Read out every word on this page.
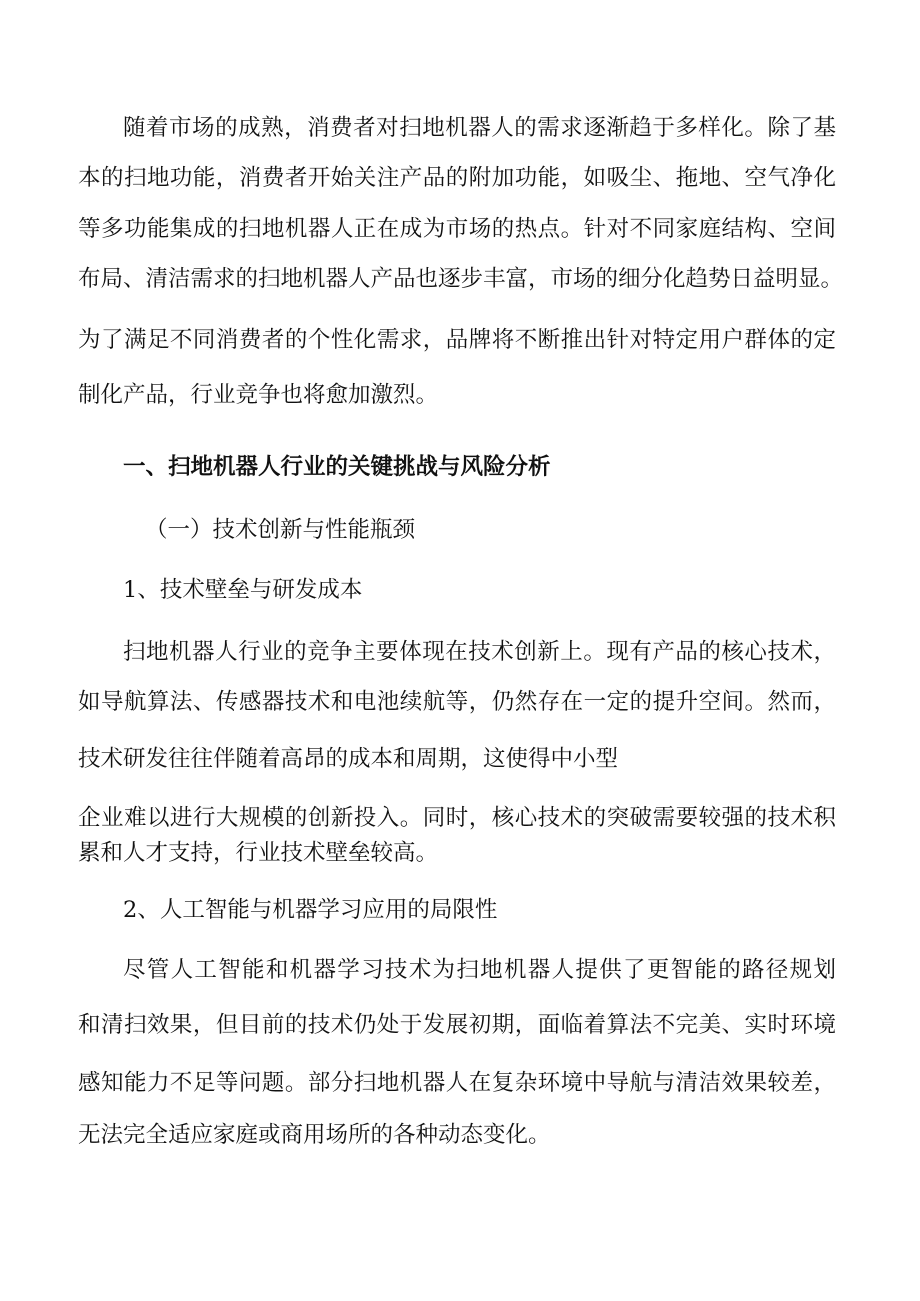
随着市场的成熟，消费者对扫地机器人的需求逐渐趋于多样化。除了基

本的扫地功能，消费者开始关注产品的附加功能，如吸尘、拖地、空气净化

等多功能集成的扫地机器人正在成为市场的热点。针对不同家庭结构、空间

布局、清洁需求的扫地机器人产品也逐步丰富，市场的细分化趋势日益明显。

为了满足不同消费者的个性化需求，品牌将不断推出针对特定用户群体的定

制化产品，行业竞争也将愈加激烈。

一、扫地机器人行业的关键挑战与风险分析

（一）技术创新与性能瓶颈

1、技术壁垒与研发成本

扫地机器人行业的竞争主要体现在技术创新上。现有产品的核心技术，

如导航算法、传感器技术和电池续航等，仍然存在一定的提升空间。然而，

技术研发往往伴随着高昂的成本和周期，这使得中小型

企业难以进行大规模的创新投入。同时，核心技术的突破需要较强的技术积

累和人才支持，行业技术壁垒较高。

2、人工智能与机器学习应用的局限性

尽管人工智能和机器学习技术为扫地机器人提供了更智能的路径规划

和清扫效果，但目前的技术仍处于发展初期，面临着算法不完美、实时环境

感知能力不足等问题。部分扫地机器人在复杂环境中导航与清洁效果较差，

无法完全适应家庭或商用场所的各种动态变化。
